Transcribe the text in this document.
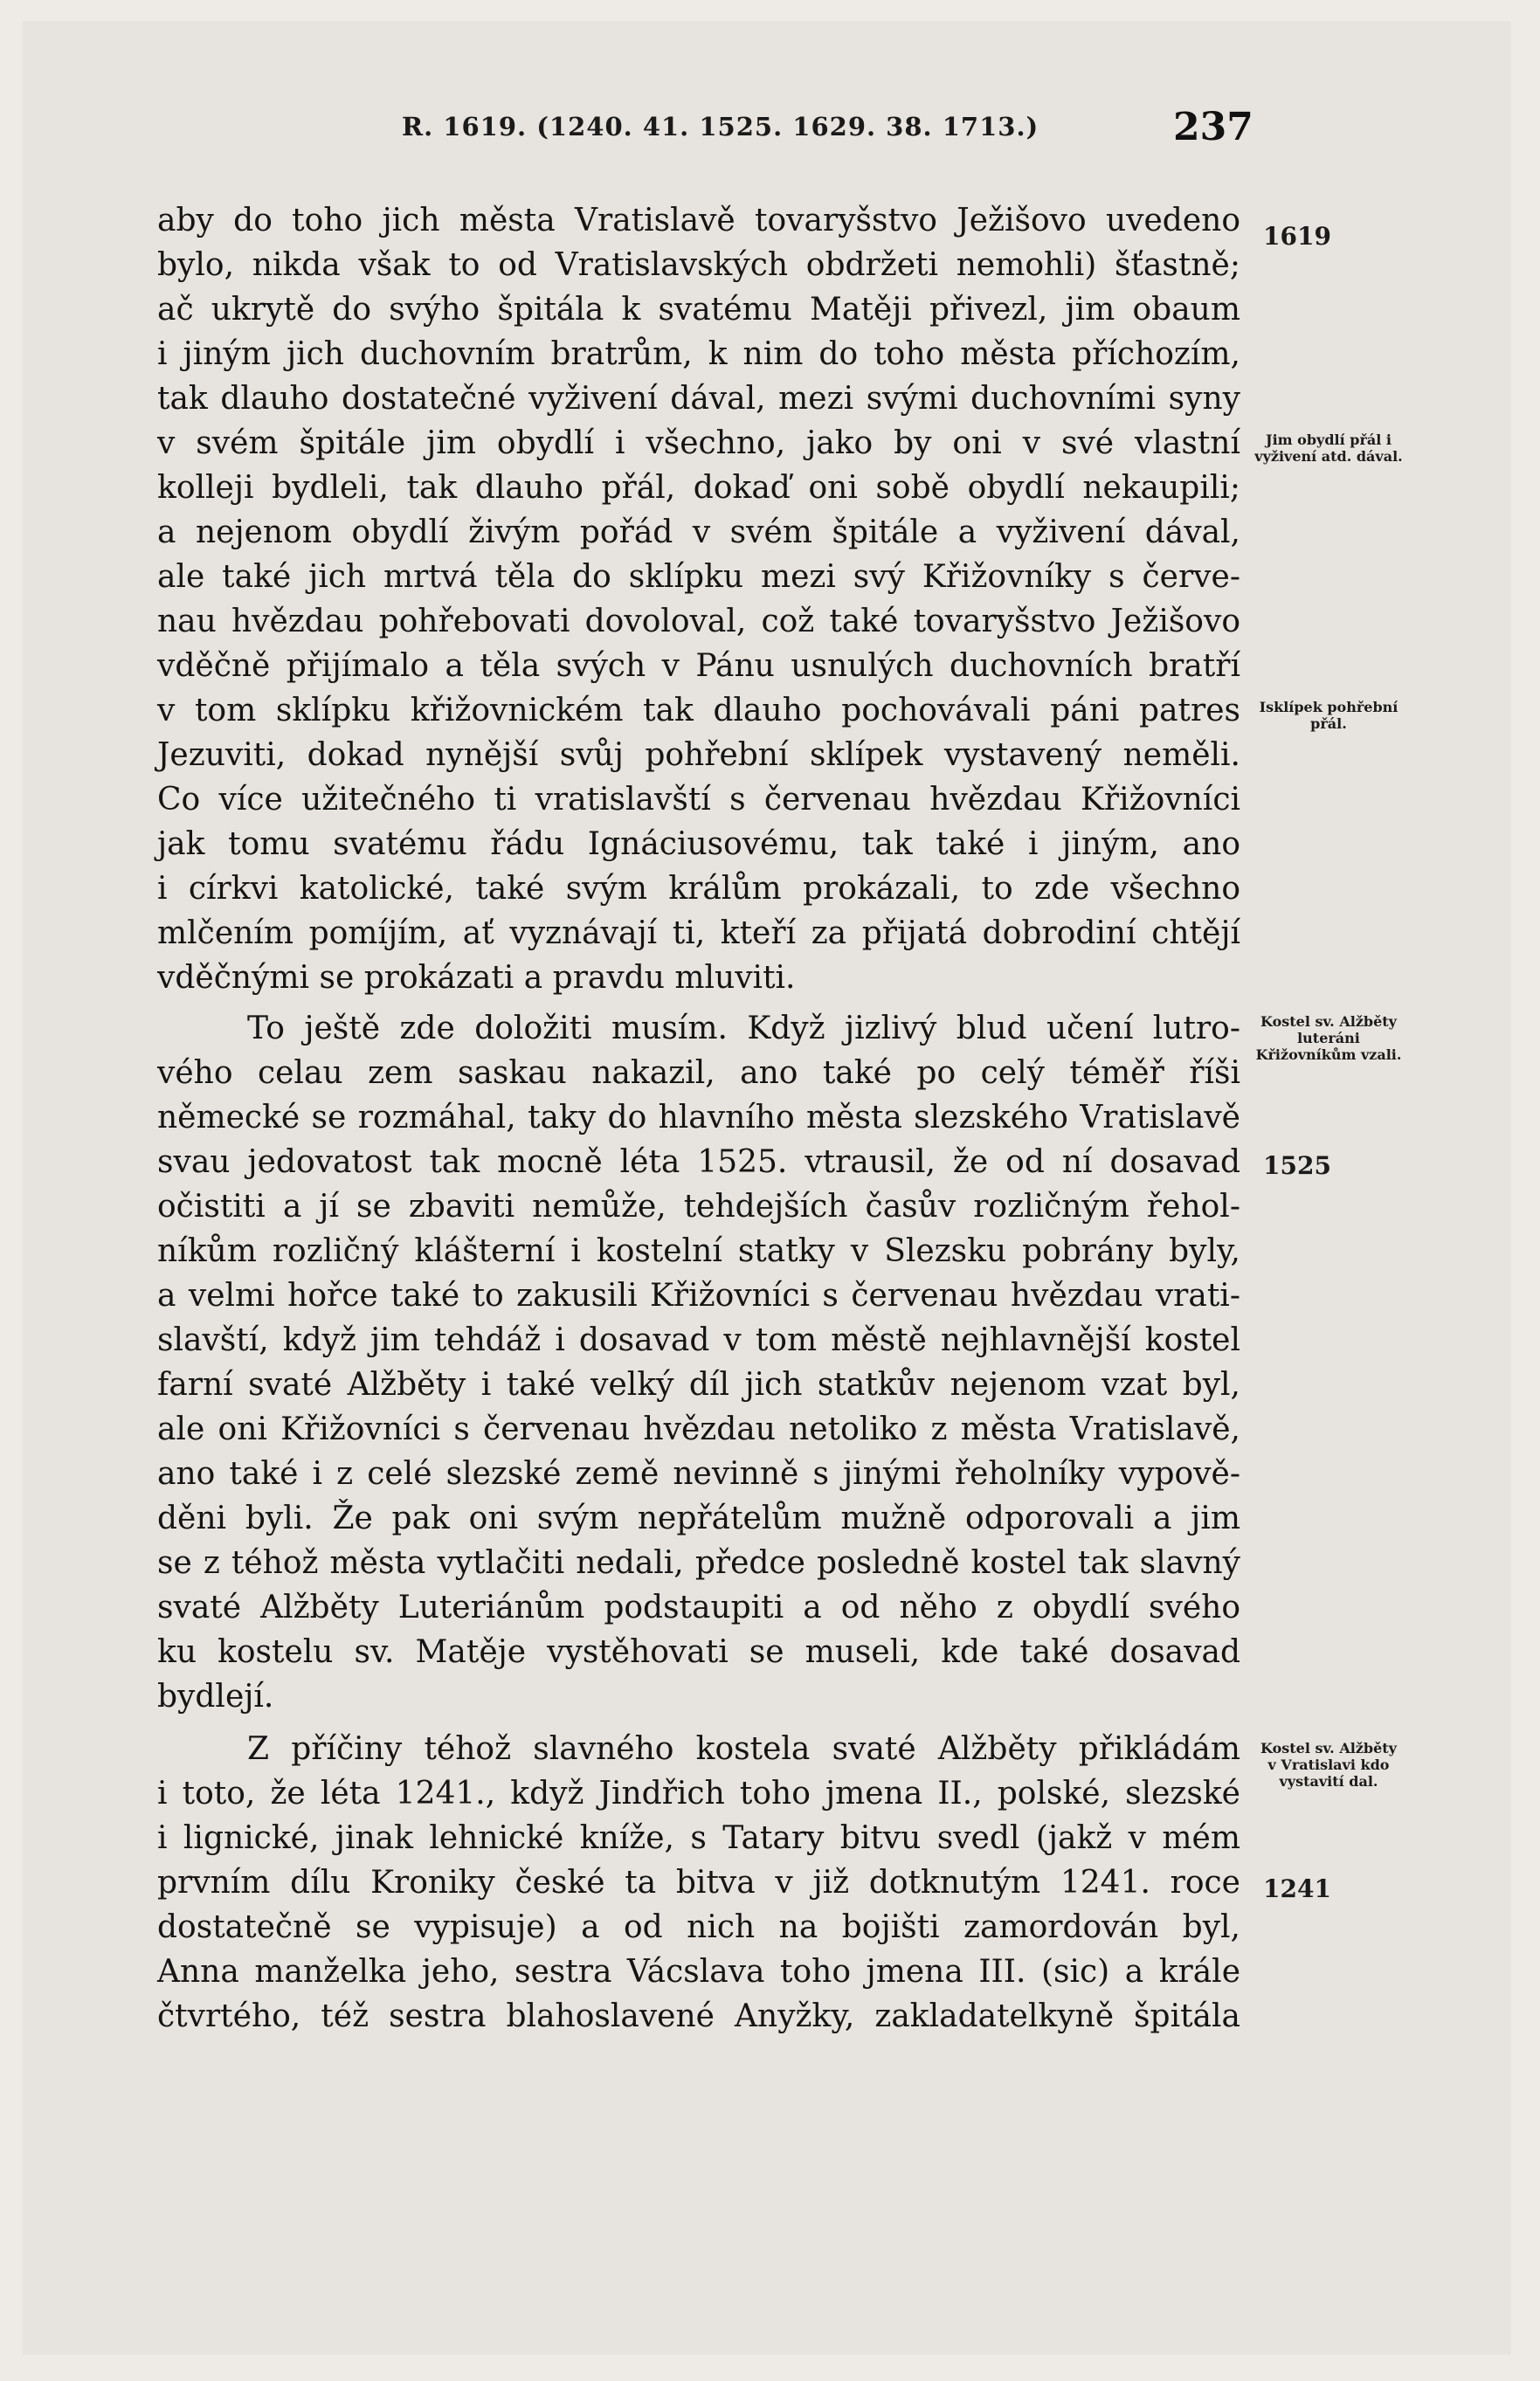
R. 1619. (1240. 41. 1525. 1629. 38. 1713.)	237
aby do toho jich města Vratislavě tovaryšstvo Ježišovo uvedeno
bylo, nikda však to od Vratislavských obdržeti nemohli) šťastně;
ač ukrytě do svýho špitála k svatému Matěji přivezl, jim obaum
i jiným jich duchovním bratrům, k nim do toho města příchozím,
tak dlauho dostatečné vyživení dával, mezi svými duchovními syny
v svém špitále jim obydlí i všechno, jako by oni v své vlastní
kolleji bydleli, tak dlauho přál, dokaď oni sobě obydlí nekaupili;
a nejenom obydlí živým pořád v svém špitále a vyživení dával,
ale také jich mrtvá těla do sklípku mezi svý Křižovníky s červe-
nau hvězdau pohřebovati dovoloval, což také tovaryšstvo Ježišovo
vděčně přijímalo a těla svých v Pánu usnulých duchovních bratří
v tom sklípku křižovnickém tak dlauho pochovávali páni patres
Jezuviti, dokad nynější svůj pohřební sklípek vystavený neměli.
Co více užitečného ti vratislavští s červenau hvězdau Křižovníci
jak tomu svatému řádu Ignáciusovému, tak také i jiným, ano
i církvi katolické, také svým králům prokázali, to zde všechno
mlčením pomíjím, ať vyznávají ti, kteří za přijatá dobrodiní chtějí
vděčnými se prokázati a pravdu mluviti.
To ještě zde doložiti musím. Když jizlivý blud učení lutro-
vého celau zem saskau nakazil, ano také po celý téměř říši
německé se rozmáhal, taky do hlavního města slezského Vratislavě
svau jedovatost tak mocně léta 1525. vtrausil, že od ní dosavad
očistiti a jí se zbaviti nemůže, tehdejších časův rozličným řehol-
níkům rozličný klášterní i kostelní statky v Slezsku pobrány byly,
a velmi hořce také to zakusili Křižovníci s červenau hvězdau vrati-
slavští, když jim tehdáž i dosavad v tom městě nejhlavnější kostel
farní svaté Alžběty i také velký díl jich statkův nejenom vzat byl,
ale oni Křižovníci s červenau hvězdau netoliko z města Vratislavě,
ano také i z celé slezské země nevinně s jinými řeholníky vypově-
děni byli. Že pak oni svým nepřátelům mužně odporovali a jim
se z téhož města vytlačiti nedali, předce posledně kostel tak slavný
svaté Alžběty Luteriánům podstaupiti a od něho z obydlí svého
ku kostelu sv. Matěje vystěhovati se museli, kde také dosavad
bydlejí.
Z příčiny téhož slavného kostela svaté Alžběty přikládám
i toto, že léta 1241., když Jindřich toho jmena II., polské, slezské
i lignické, jinak lehnické kníže, s Tatary bitvu svedl (jakž v mém
prvním dílu Kroniky české ta bitva v již dotknutým 1241. roce
dostatečně se vypisuje) a od nich na bojišti zamordován byl,
Anna manželka jeho, sestra Vácslava toho jmena III. (sic) a krále
čtvrtého, též sestra blahoslavené Anyžky, zakladatelkyně špitála
1619
Jim obydlí přál i vyživení atd. dával.
Isklípek pohřební přál.
Kostel sv. Alžběty luteráni Křižovníkům vzali.
1525
Kostel sv. Alžběty v Vratislavi kdo vystavití dal.
1241
